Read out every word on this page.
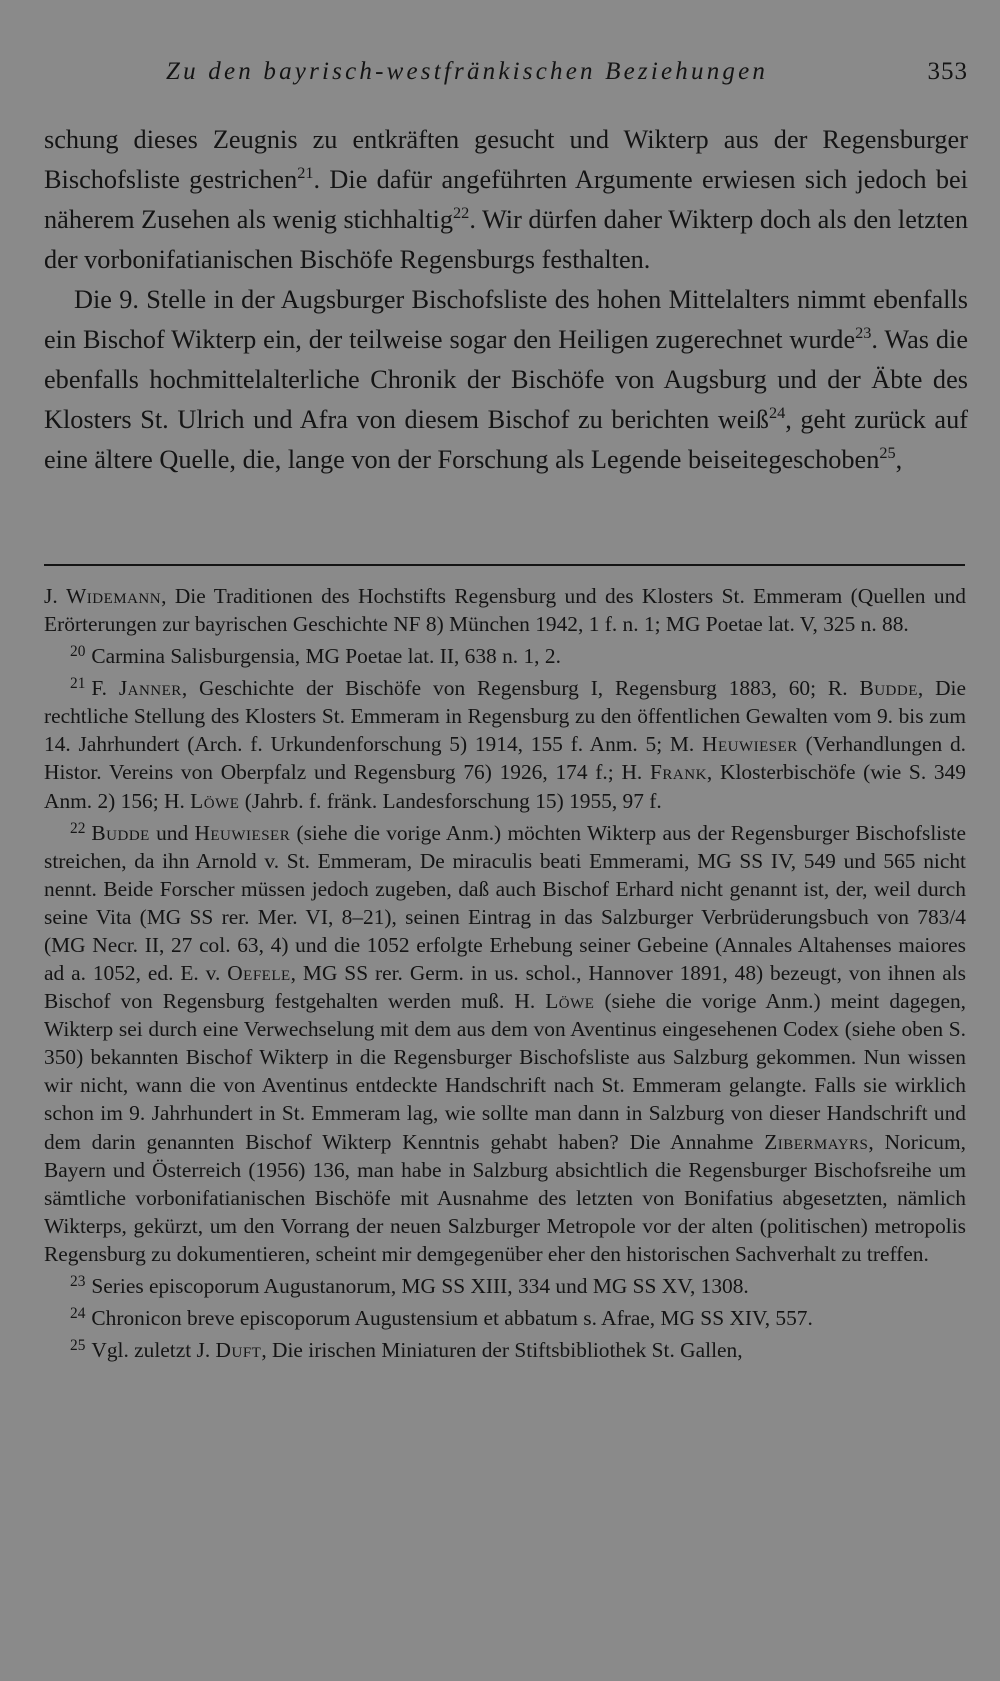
Zu den bayrisch-westfränkischen Beziehungen	353

schung dieses Zeugnis zu entkräften gesucht und Wikterp aus der Regensburger Bischofsliste gestrichen$^{21}$. Die dafür angeführten Argumente erwiesen sich jedoch bei näherem Zusehen als wenig stichhaltig$^{22}$. Wir dürfen daher Wikterp doch als den letzten der vorbonifatianischen Bischöfe Regensburgs festhalten.

Die 9. Stelle in der Augsburger Bischofsliste des hohen Mittelalters nimmt ebenfalls ein Bischof Wikterp ein, der teilweise sogar den Heiligen zugerechnet wurde$^{23}$. Was die ebenfalls hochmittelalterliche Chronik der Bischöfe von Augsburg und der Äbte des Klosters St. Ulrich und Afra von diesem Bischof zu berichten weiß$^{24}$, geht zurück auf eine ältere Quelle, die, lange von der Forschung als Legende beiseitegeschoben$^{25}$,

J. Widemann, Die Traditionen des Hochstifts Regensburg und des Klosters St. Emmeram (Quellen und Erörterungen zur bayrischen Geschichte NF 8) München 1942, 1 f. n. 1; MG Poetae lat. V, 325 n. 88.

$^{20}$ Carmina Salisburgensia, MG Poetae lat. II, 638 n. 1, 2.

$^{21}$ F. Janner, Geschichte der Bischöfe von Regensburg I, Regensburg 1883, 60; R. Budde, Die rechtliche Stellung des Klosters St. Emmeram in Regensburg zu den öffentlichen Gewalten vom 9. bis zum 14. Jahrhundert (Arch. f. Urkundenforschung 5) 1914, 155 f. Anm. 5; M. Heuwieser (Verhandlungen d. Histor. Vereins von Oberpfalz und Regensburg 76) 1926, 174 f.; H. Frank, Klosterbischöfe (wie S. 349 Anm. 2) 156; H. Löwe (Jahrb. f. fränk. Landesforschung 15) 1955, 97 f.

$^{22}$ Budde und Heuwieser (siehe die vorige Anm.) möchten Wikterp aus der Regensburger Bischofsliste streichen, da ihn Arnold v. St. Emmeram, De miraculis beati Emmerami, MG SS IV, 549 und 565 nicht nennt. Beide Forscher müssen jedoch zugeben, daß auch Bischof Erhard nicht genannt ist, der, weil durch seine Vita (MG SS rer. Mer. VI, 8–21), seinen Eintrag in das Salzburger Verbrüderungsbuch von 783/4 (MG Necr. II, 27 col. 63, 4) und die 1052 erfolgte Erhebung seiner Gebeine (Annales Altahenses maiores ad a. 1052, ed. E. v. Oefele, MG SS rer. Germ. in us. schol., Hannover 1891, 48) bezeugt, von ihnen als Bischof von Regensburg festgehalten werden muß. H. Löwe (siehe die vorige Anm.) meint dagegen, Wikterp sei durch eine Verwechselung mit dem aus dem von Aventinus eingesehenen Codex (siehe oben S. 350) bekannten Bischof Wikterp in die Regensburger Bischofsliste aus Salzburg gekommen. Nun wissen wir nicht, wann die von Aventinus entdeckte Handschrift nach St. Emmeram gelangte. Falls sie wirklich schon im 9. Jahrhundert in St. Emmeram lag, wie sollte man dann in Salzburg von dieser Handschrift und dem darin genannten Bischof Wikterp Kenntnis gehabt haben? Die Annahme Zibermayrs, Noricum, Bayern und Österreich (1956) 136, man habe in Salzburg absichtlich die Regensburger Bischofsreihe um sämtliche vorbonifatianischen Bischöfe mit Ausnahme des letzten von Bonifatius abgesetzten, nämlich Wikterps, gekürzt, um den Vorrang der neuen Salzburger Metropole vor der alten (politischen) metropolis Regensburg zu dokumentieren, scheint mir demgegenüber eher den historischen Sachverhalt zu treffen.

$^{23}$ Series episcoporum Augustanorum, MG SS XIII, 334 und MG SS XV, 1308.

$^{24}$ Chronicon breve episcoporum Augustensium et abbatum s. Afrae, MG SS XIV, 557.

$^{25}$ Vgl. zuletzt J. Duft, Die irischen Miniaturen der Stiftsbibliothek St. Gallen,
